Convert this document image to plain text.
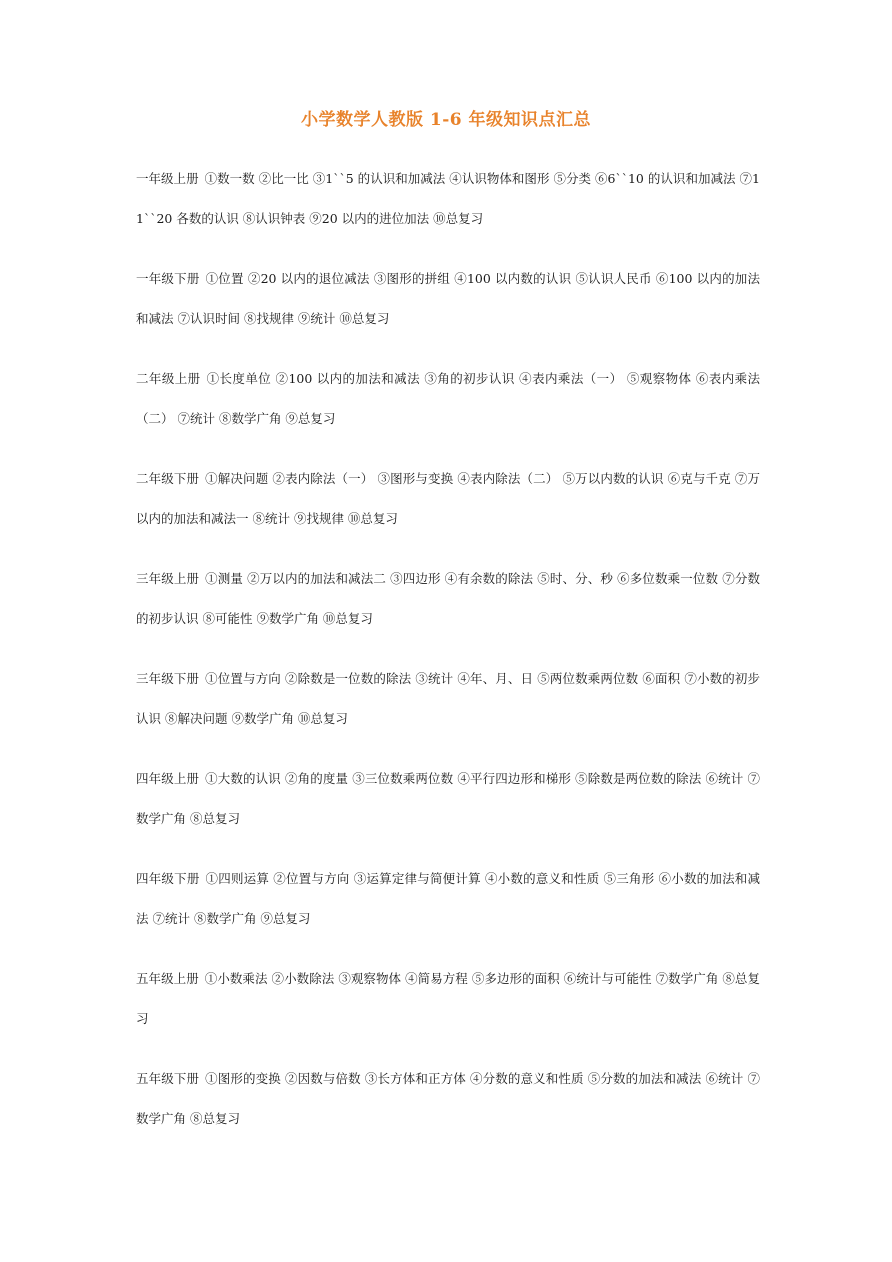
小学数学人教版 1-6 年级知识点汇总

一年级上册 ①数一数 ②比一比 ③1``5 的认识和加减法 ④认识物体和图形 ⑤分类 ⑥6``10 的认识和加减法 ⑦11``20 各数的认识 ⑧认识钟表 ⑨20 以内的进位加法 ⑩总复习

一年级下册 ①位置 ②20 以内的退位减法 ③图形的拼组 ④100 以内数的认识 ⑤认识人民币 ⑥100 以内的加法和减法 ⑦认识时间 ⑧找规律 ⑨统计 ⑩总复习

二年级上册 ①长度单位 ②100 以内的加法和减法 ③角的初步认识 ④表内乘法（一） ⑤观察物体 ⑥表内乘法（二） ⑦统计 ⑧数学广角 ⑨总复习

二年级下册 ①解决问题 ②表内除法（一） ③图形与变换 ④表内除法（二） ⑤万以内数的认识 ⑥克与千克 ⑦万以内的加法和减法一 ⑧统计 ⑨找规律 ⑩总复习

三年级上册 ①测量 ②万以内的加法和减法二 ③四边形 ④有余数的除法 ⑤时、分、秒 ⑥多位数乘一位数 ⑦分数的初步认识 ⑧可能性 ⑨数学广角 ⑩总复习

三年级下册 ①位置与方向 ②除数是一位数的除法 ③统计 ④年、月、日 ⑤两位数乘两位数 ⑥面积 ⑦小数的初步认识 ⑧解决问题 ⑨数学广角 ⑩总复习

四年级上册 ①大数的认识 ②角的度量 ③三位数乘两位数 ④平行四边形和梯形 ⑤除数是两位数的除法 ⑥统计 ⑦数学广角 ⑧总复习

四年级下册 ①四则运算 ②位置与方向 ③运算定律与简便计算 ④小数的意义和性质 ⑤三角形 ⑥小数的加法和减法 ⑦统计 ⑧数学广角 ⑨总复习

五年级上册 ①小数乘法 ②小数除法 ③观察物体 ④简易方程 ⑤多边形的面积 ⑥统计与可能性 ⑦数学广角 ⑧总复习

五年级下册 ①图形的变换 ②因数与倍数 ③长方体和正方体 ④分数的意义和性质 ⑤分数的加法和减法 ⑥统计 ⑦数学广角 ⑧总复习
